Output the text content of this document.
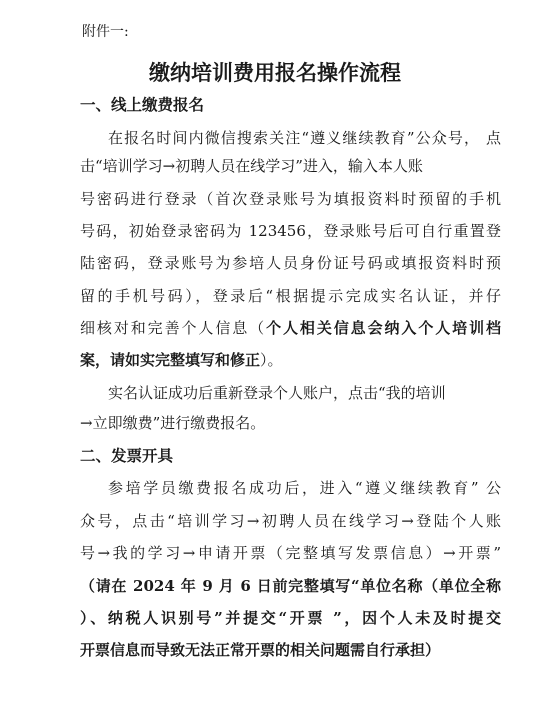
附件一:
缴纳培训费用报名操作流程
一、线上缴费报名
在报名时间内微信搜索关注“遵义继续教育”公众号， 点
击“培训学习→初聘人员在线学习”进入，输入本人账
号密码进行登录（首次登录账号为填报资料时预留的手机
号码，初始登录密码为 123456，登录账号后可自行重置登
陆密码，登录账号为参培人员身份证号码或填报资料时预
留的手机号码），登录后“根据提示完成实名认证，并仔
细核对和完善个人信息（个人相关信息会纳入个人培训档
案，请如实完整填写和修正）。
实名认证成功后重新登录个人账户，点击“我的培训
→立即缴费”进行缴费报名。
二、发票开具
参培学员缴费报名成功后，进入“遵义继续教育” 公
众号，点击“培训学习→初聘人员在线学习→登陆个人账
号→我的学习→申请开票（完整填写发票信息）→开票”
（请在 2024 年 9 月 6 日前完整填写“单位名称（单位全称
）、纳税人识别号”并提交“开票 ”，因个人未及时提交
开票信息而导致无法正常开票的相关问题需自行承担）
